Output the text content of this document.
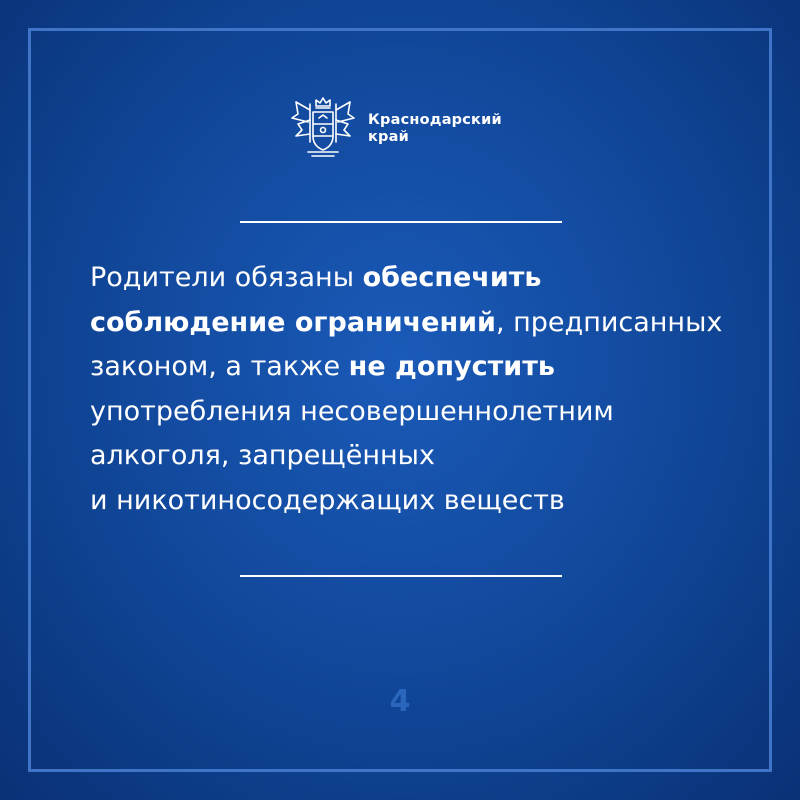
Краснодарский
край
Родители обязаны обеспечить
соблюдение ограничений, предписанных
законом, а также не допустить
употребления несовершеннолетним
алкоголя, запрещённых
и никотиносодержащих веществ
4
